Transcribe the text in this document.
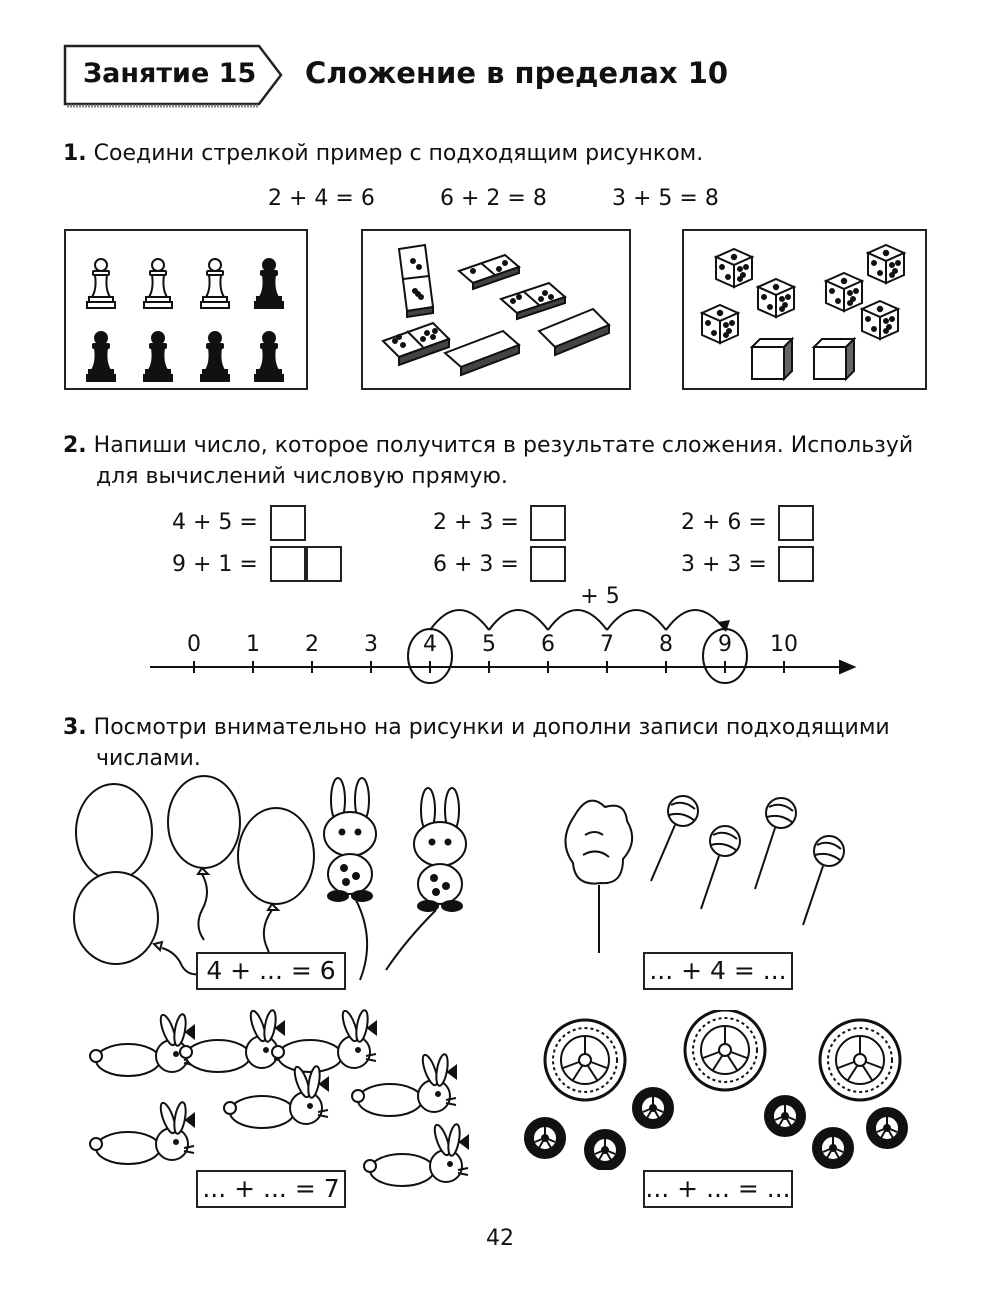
Занятие 15 Сложение в пределах 10
1. Соедини стрелкой пример с подходящим рисунком.
2 + 4 = 6	6 + 2 = 8	3 + 5 = 8
2. Напиши число, которое получится в результате сложения. Используй
для вычислений числовую прямую.
4 + 5 =	2 + 3 =	2 + 6 =
9 + 1 =	6 + 3 =	3 + 3 =
0 1 2 3 4 5 6 7 8 9 10
+ 5
3. Посмотри внимательно на рисунки и дополни записи подходящими
числами.
4 + ... = 6	... + 4 = ...
... + ... = 7	... + ... = ...
42
